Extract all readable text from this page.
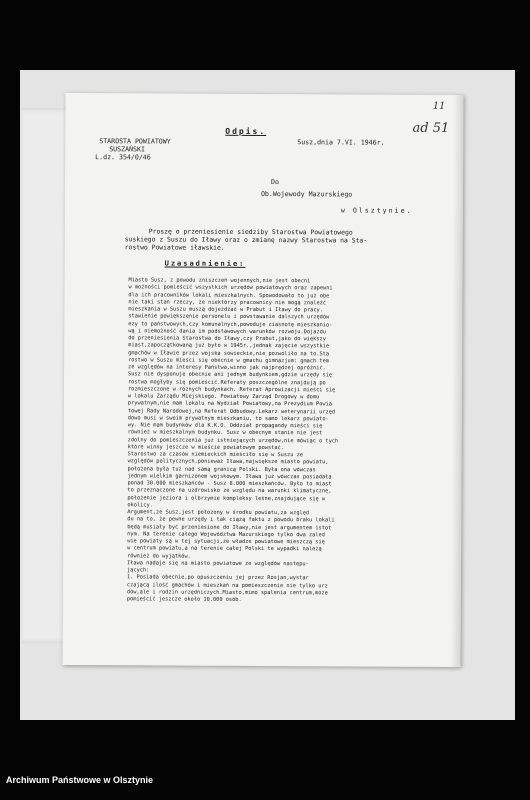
11
ad 51
STAROSTA POWIATOWY
SUSZAŃSKI
L.dz. 354/0/46
Odpis.
Susz,dnia 7.VI. 1946r.
Do
Ob.Wojewody Mazurskiego
w Olsztynie.
Proszę o przeniesienie siedziby Starostwa Powiatowego
suskiego z Suszu do Iławy oraz o zmianę nazwy Starostwa na Sta-
rostwo Powiatowe iławskie.
Uzasadnienie:
Miasto Susz, z powodu zniszczeń wojennych,nie jest obecni
w możności pomieścić wszystkich urzędów powiatowych oraz zapewni
dla ich pracowników lokali mieszkalnych. Spowodowało to już obe
nie taki stan rzeczy, że niektórzy pracownicy nie mogą znaleźć
mieszkania w Suszu muszą dojeżdżać w Prabut i Iławy do pracy.
stawienie powiększenie personelu i powstawanie dalszych urzędów
ezy to państwowych,czy komunalnych,powoduje ciasnotę mieszkanio-
wą i niemożność dania im podstawowych warunków rozwoju.Dojazdu
do przeniesienia Starostwa do Iławy,czy Prabut,jako do większy
miast,zapoczątkowaną już było w 1945r.,jednak zajęcie wszystkie
gmachów w Iławie przez wojska sowieckie,nie pozwoliło na to.Sta
rostwo w Suszu mieści się obecnie w gmachu gimnazjum: gmach tem
ze względów na interesy Państwa,winno jak najprędzej opróżnić.
Susz nie dysponuje obecnie ani jednym budynkiem,gdzie urzędy się
rostwa mogłyby się pomieścić.Referaty poszczególne znajdują po
rozmieszczone w różnych budynkach. Referat Aprowizacji mieści się
w lokalu Zarządu Miejskiego. Powiatowy Zarząd Drogowy w domu
prywatnym,nie mam lokalu na Wydział Powiatowy,na Prezydium Powia
towej Rady Narodowej,na Referat Odbudowy.Lekarz weterynarii urzęd
dowo musi w swoim prywatnym mieszkaniu, to samo lekarz powiato-
wy. Nie mam budynków dla K.K.O. Oddział propagandy mieści się
również w mieszkalnym budynku. Susz w obecnym stanie nie jest
zdolny do pomieszczenia już istniejących urzędów,nie mówiąc o tych
które winny jeszcze w mieście powiatowym powstać.
Starostwo za czasów niemieckich mieściło się w Suszu ze
względów politycznych,ponieważ Iława,największe miasto powiatu,
położona była tuż nad samą granicą Polski. Była ona wówczas
jednym wielkim garnizonem wojskowym. Iława już wówczas posiadała
ponad 30.000 mieszkańców - Susz 8.000 mieszkańców. Było to miast
to przeznaczone na uzdrowisko ze względu na warunki klimatyczne,
położenie jeziora i olbrzymie kompleksy leśne,znajdujące się w
okolicy.
Argument,że Susz,jest położony w środku powiatu,za względ
du na to, że pewne urzędy i tak ciążą faktu z powodu braku lokali
będą musiały być przeniesione do Iławy,nie jest argumentem istot
nym. Na terenie całego Województwa Mazurskiego tylko dwa zaled
wie powiaty są w tej sytuacji,że władze powiatowe mieszczą się
w centrum powiatu,a na terenie całej Polski te wypadki należą
również do wyjątków.
Iława nadaje się na miasto powiatowe ze względów następu-
jących:
1. Posiada obecnie,po opuszczeniu jej przez Rosjan,wystar
czającą ilość gmachów i mieszkań na pomieszczenie nie tylko urz
dów,ale i rodzin urzędniczych.Miasto,mimo spalenia centrum,może
pomieścić jeszcze około 10.000 osób.
Archiwum Państwowe w Olsztynie
